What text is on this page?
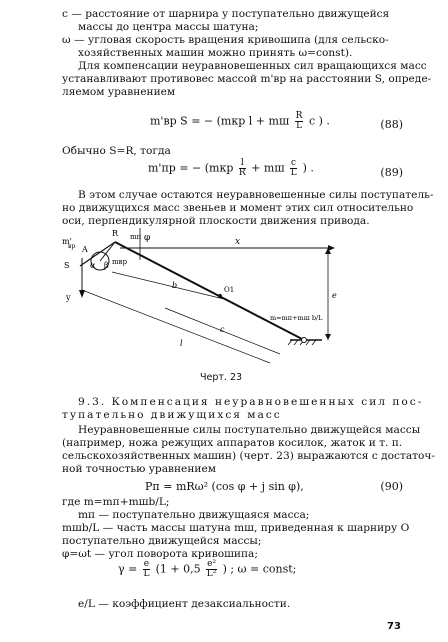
c — расстояние от шарнира у поступательно движущейся
массы до центра массы шатуна;
ω — угловая скорость вращения кривошипа (для сельско-
хозяйственных машин можно принять ω=const).
Для компенсации неуравновешенных сил вращающихся масс
устанавливают противовес массой m'вр на расстоянии S, опреде-
ляемом уравнением
m'вр S = − (mкр l + mш $\frac{R}{L}$ c ) .	(88)
Обычно S=R, тогда
m'пр = − ($mкр \frac{l}{R}$ + mш $\frac{c}{L}$ ) .	(89)
В этом случае остаются неуравновешенные силы поступатель-
но движущихся масс звеньев и момент этих сил относительно
оси, перпендикулярной плоскости движения привода.
m'
вр A
R mп φ	x
S	α β mвр
b	O1
e
y
l
c
m=mп+mш b/L
Черт. 23
9.3. Компенсация неуравновешенных сил пос-
тупательно движущихся масс
Неуравновешенные силы поступательно движущейся массы
(например, ножа режущих аппаратов косилок, жаток и т. п.
сельскохозяйственных машин) (черт. 23) выражаются с достаточ-
ной точностью уравнением
Pп = mRω² (cos φ + j sin φ),	(90)
где m=mп+mшb/L;
mп — поступательно движущаяся масса;
mшb/L — часть массы шатуна mш, приведенная к шарниру O
поступательно движущейся массы;
φ=ωt — угол поворота кривошипа;
$\gamma = \frac{e}{L} (1 + 0,5 \frac{\text{e²}}{\text{L²}}$ ) ; ω = const;
e/L — коэффициент дезаксиальности.
73
